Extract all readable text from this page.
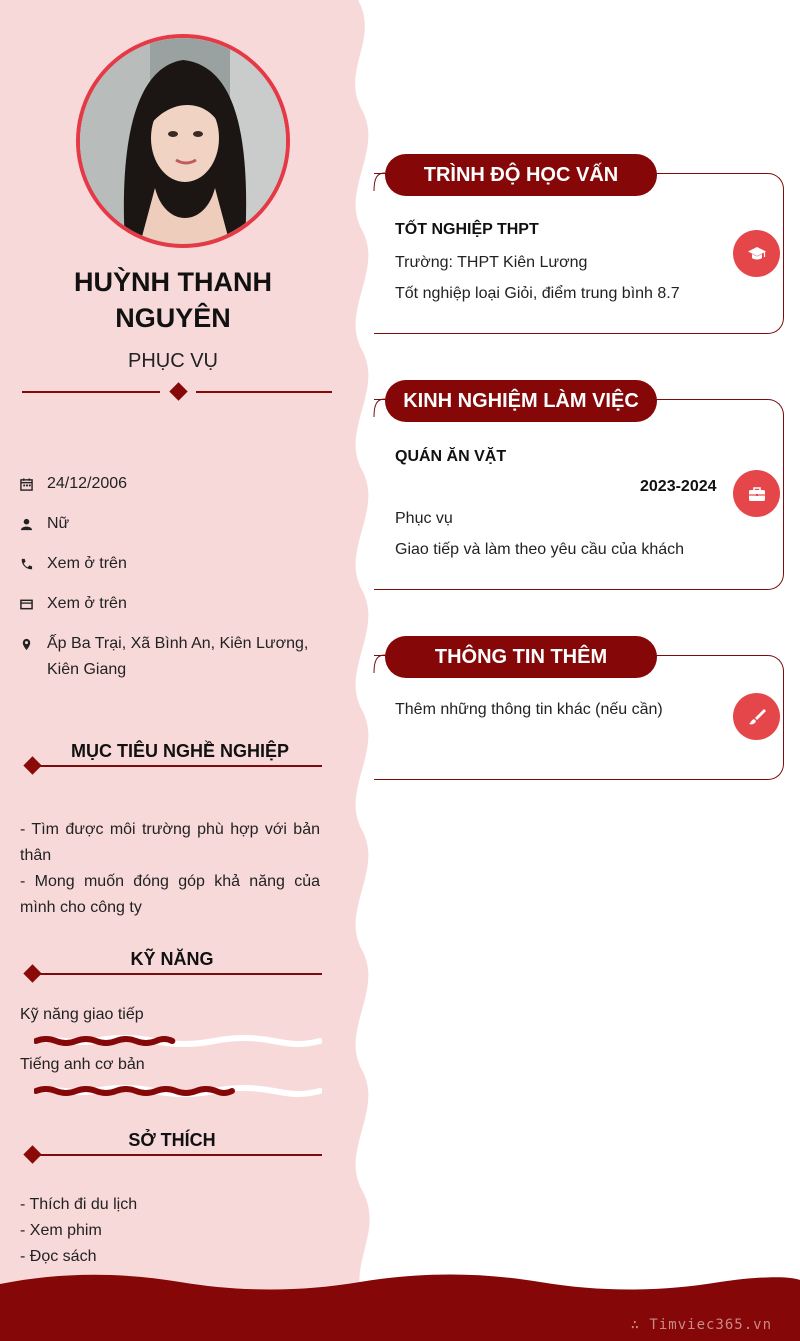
HUỲNH THANH NGUYÊN
PHỤC VỤ
24/12/2006
Nữ
Xem ở trên
Xem ở trên
Ấp Ba Trại, Xã Bình An, Kiên Lương, Kiên Giang
MỤC TIÊU NGHỀ NGHIỆP
- Tìm được môi trường phù hợp với bản thân
- Mong muốn đóng góp khả năng của mình cho công ty
KỸ NĂNG
Kỹ năng giao tiếp
Tiếng anh cơ bản
SỞ THÍCH
- Thích đi du lịch
- Xem phim
- Đọc sách
TRÌNH ĐỘ HỌC VẤN
TỐT NGHIỆP THPT
Trường: THPT Kiên Lương
Tốt nghiệp loại Giỏi, điểm trung bình 8.7
KINH NGHIỆM LÀM VIỆC
QUÁN ĂN VẶT
2023-2024
Phục vụ
Giao tiếp và làm theo yêu cầu của khách
THÔNG TIN THÊM
Thêm những thông tin khác (nếu cần)
∴ Timviec365.vn
